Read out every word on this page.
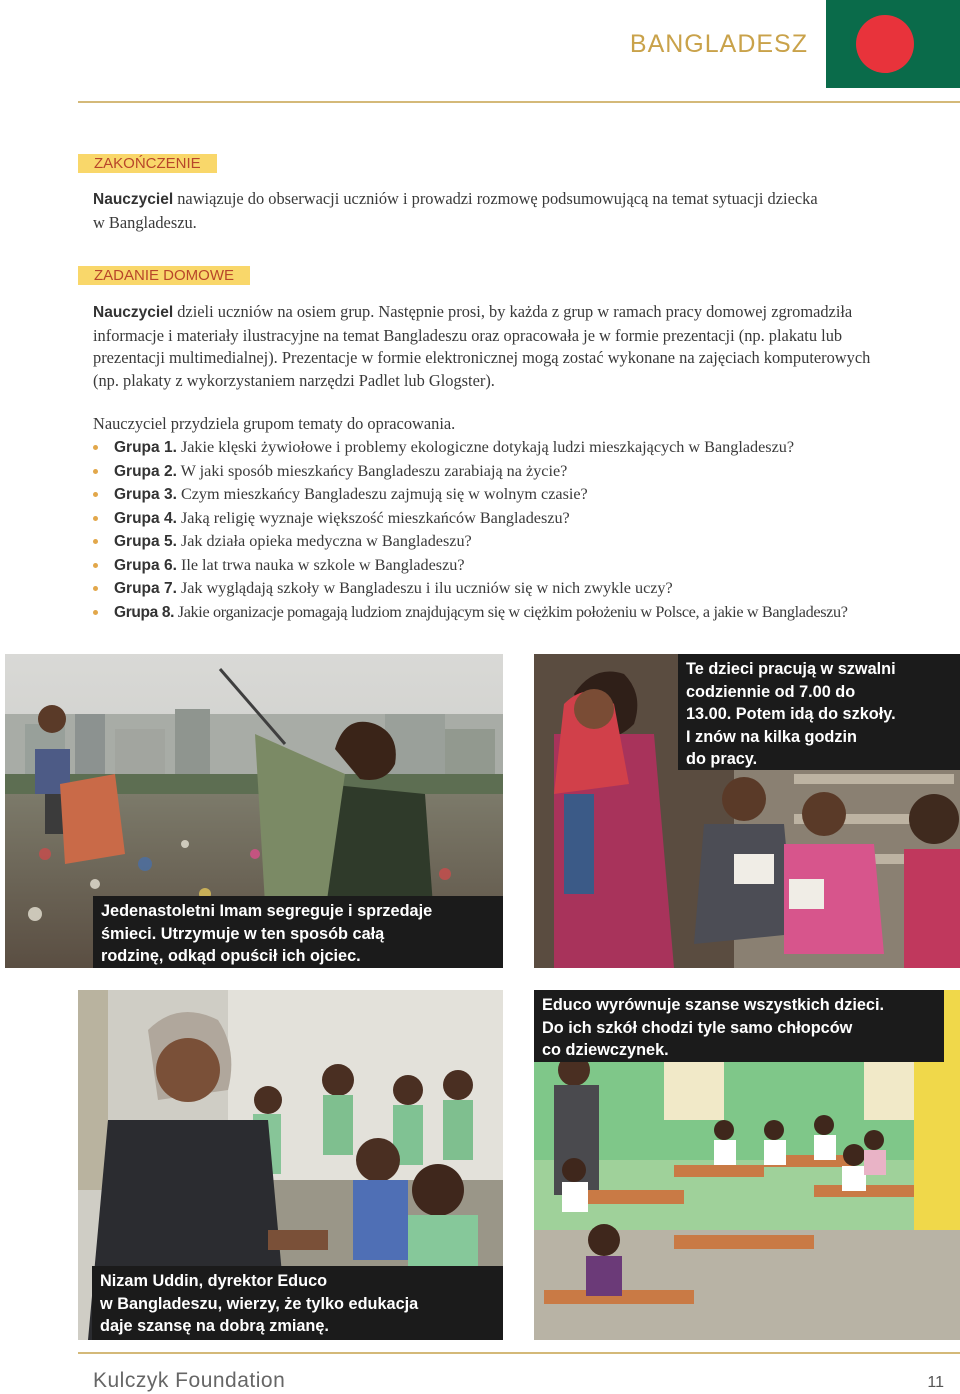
BANGLADESZ
ZAKOŃCZENIE
Nauczyciel nawiązuje do obserwacji uczniów i prowadzi rozmowę podsumowującą na temat sytuacji dziecka
w Bangladeszu.
ZADANIE DOMOWE
Nauczyciel dzieli uczniów na osiem grup. Następnie prosi, by każda z grup w ramach pracy domowej zgromadziła
informacje i materiały ilustracyjne na temat Bangladeszu oraz opracowała je w formie prezentacji (np. plakatu lub
prezentacji multimedialnej). Prezentacje w formie elektronicznej mogą zostać wykonane na zajęciach komputerowych
(np. plakaty z wykorzystaniem narzędzi Padlet lub Glogster).
Nauczyciel przydziela grupom tematy do opracowania.
Grupa 1. Jakie klęski żywiołowe i problemy ekologiczne dotykają ludzi mieszkających w Bangladeszu?
Grupa 2. W jaki sposób mieszkańcy Bangladeszu zarabiają na życie?
Grupa 3. Czym mieszkańcy Bangladeszu zajmują się w wolnym czasie?
Grupa 4. Jaką religię wyznaje większość mieszkańców Bangladeszu?
Grupa 5. Jak działa opieka medyczna w Bangladeszu?
Grupa 6. Ile lat trwa nauka w szkole w Bangladeszu?
Grupa 7. Jak wyglądają szkoły w Bangladeszu i ilu uczniów się w nich zwykle uczy?
Grupa 8. Jakie organizacje pomagają ludziom znajdującym się w ciężkim położeniu w Polsce, a jakie w Bangladeszu?
Jedenastoletni Imam segreguje i sprzedaje
śmieci. Utrzymuje w ten sposób całą
rodzinę, odkąd opuścił ich ojciec.
Te dzieci pracują w szwalni
codziennie od 7.00 do
13.00. Potem idą do szkoły.
I znów na kilka godzin
do pracy.
Nizam Uddin, dyrektor Educo
w Bangladeszu, wierzy, że tylko edukacja
daje szansę na dobrą zmianę.
Educo wyrównuje szanse wszystkich dzieci.
Do ich szkół chodzi tyle samo chłopców
co dziewczynek.
Kulczyk Foundation	11
